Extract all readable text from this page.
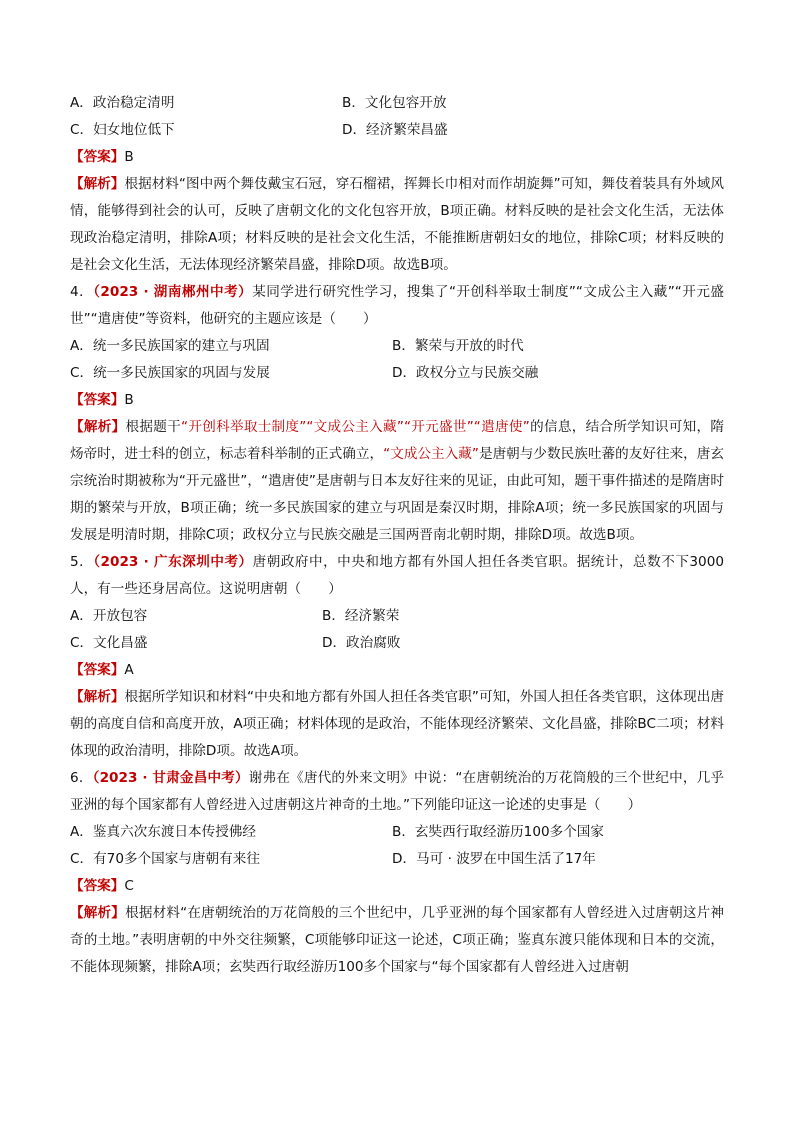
A．政治稳定清明	B．文化包容开放
C．妇女地位低下	D．经济繁荣昌盛
【答案】B
【解析】根据材料“图中两个舞伎戴宝石冠，穿石榴裙，挥舞长巾相对而作胡旋舞”可知，舞伎着装具有外域风情，能够得到社会的认可，反映了唐朝文化的文化包容开放，B项正确。材料反映的是社会文化生活，无法体现政治稳定清明，排除A项；材料反映的是社会文化生活，不能推断唐朝妇女的地位，排除C项；材料反映的是社会文化生活，无法体现经济繁荣昌盛，排除D项。故选B项。
4．（2023 · 湖南郴州中考）某同学进行研究性学习，搜集了“开创科举取士制度”“文成公主入藏”“开元盛世”“遣唐使”等资料，他研究的主题应该是（　　）
A．统一多民族国家的建立与巩固	B．繁荣与开放的时代
C．统一多民族国家的巩固与发展	D．政权分立与民族交融
【答案】B
【解析】根据题干“开创科举取士制度”“文成公主入藏”“开元盛世”“遣唐使”的信息，结合所学知识可知，隋炀帝时，进士科的创立，标志着科举制的正式确立，“文成公主入藏”是唐朝与少数民族吐蕃的友好往来，唐玄宗统治时期被称为“开元盛世”，“遣唐使”是唐朝与日本友好往来的见证，由此可知，题干事件描述的是隋唐时期的繁荣与开放，B项正确；统一多民族国家的建立与巩固是秦汉时期，排除A项；统一多民族国家的巩固与发展是明清时期，排除C项；政权分立与民族交融是三国两晋南北朝时期，排除D项。故选B项。
5．（2023 · 广东深圳中考）唐朝政府中，中央和地方都有外国人担任各类官职。据统计，总数不下3000人，有一些还身居高位。这说明唐朝（　　）
A．开放包容	B．经济繁荣
C．文化昌盛	D．政治腐败
【答案】A
【解析】根据所学知识和材料“中央和地方都有外国人担任各类官职”可知，外国人担任各类官职，这体现出唐朝的高度自信和高度开放，A项正确；材料体现的是政治，不能体现经济繁荣、文化昌盛，排除BC二项；材料体现的政治清明，排除D项。故选A项。
6．（2023 · 甘肃金昌中考）谢弗在《唐代的外来文明》中说：“在唐朝统治的万花筒般的三个世纪中，几乎亚洲的每个国家都有人曾经进入过唐朝这片神奇的土地。”下列能印证这一论述的史事是（　　）
A．鉴真六次东渡日本传授佛经	B．玄奘西行取经游历100多个国家
C．有70多个国家与唐朝有来往	D．马可 · 波罗在中国生活了17年
【答案】C
【解析】根据材料“在唐朝统治的万花筒般的三个世纪中，几乎亚洲的每个国家都有人曾经进入过唐朝这片神奇的土地。”表明唐朝的中外交往频繁，C项能够印证这一论述，C项正确；鉴真东渡只能体现和日本的交流，不能体现频繁，排除A项；玄奘西行取经游历100多个国家与“每个国家都有人曾经进入过唐朝
